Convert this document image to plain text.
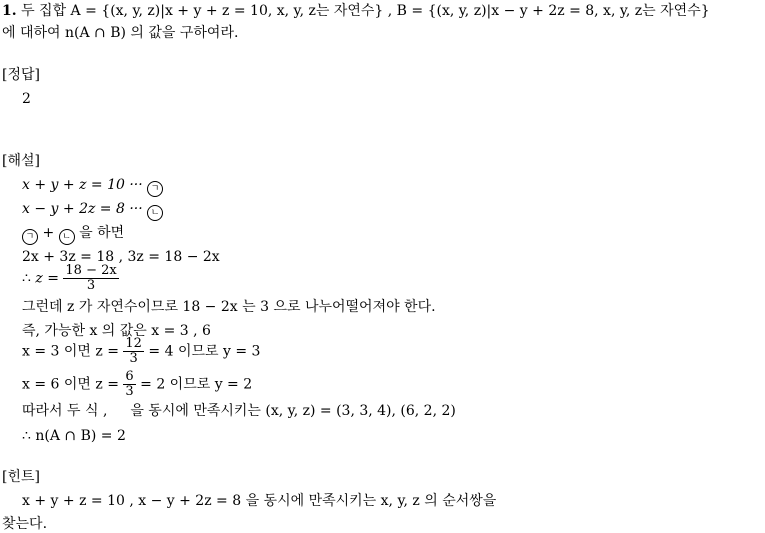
1. 두 집합 A = {(x, y, z)|x + y + z = 10, x, y, z는 자연수} , B = {(x, y, z)|x − y + 2z = 8, x, y, z는 자연수}
에 대하여 n(A ∩ B) 의 값을 구하여라.
[정답]
2
[해설]
x + y + z = 10 ··· ㄱ
x − y + 2z = 8 ··· ㄴ
ㄱ + ㄴ 을 하면
2x + 3z = 18 , 3z = 18 − 2x
∴ $z = \frac{18 - 2x}{3}$
그런데 z 가 자연수이므로 18 − 2x 는 3 으로 나누어떨어져야 한다.
즉, 가능한 x 의 값은 x = 3 , 6
x = 3 이면 $z = \frac{12}{3} = 4$ 이므로 y = 3
x = 6 이면 $z = \frac{6}{3} = 2$ 이므로 y = 2
따라서 두 식 , 을 동시에 만족시키는 (x, y, z) = (3, 3, 4), (6, 2, 2)
∴ n(A ∩ B) = 2
[힌트]
x + y + z = 10 , x − y + 2z = 8 을 동시에 만족시키는 x, y, z 의 순서쌍을
찾는다.
